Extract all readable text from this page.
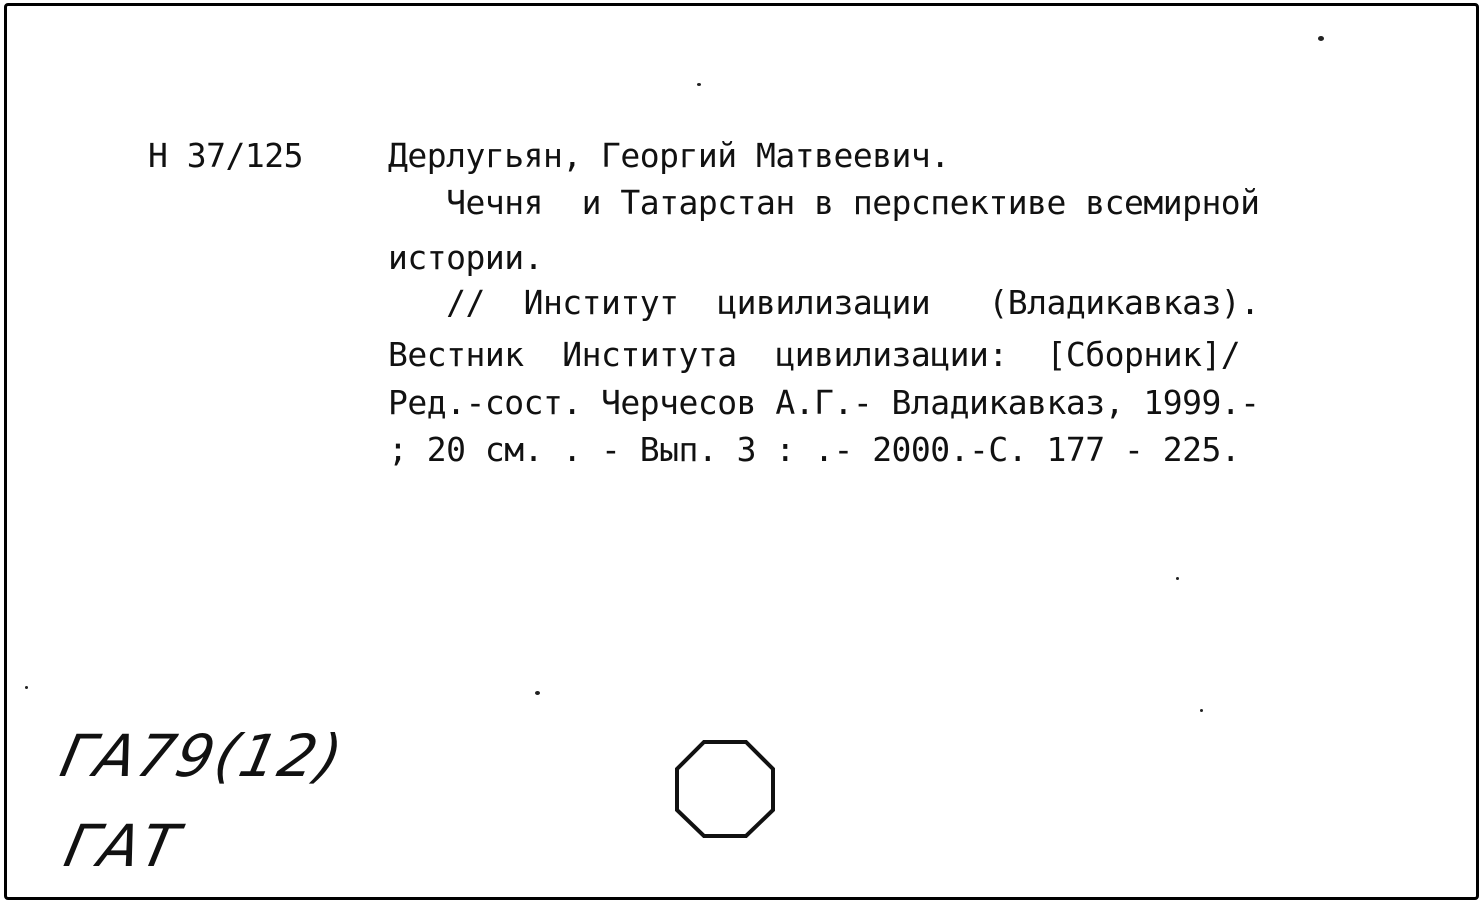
Н 37/125	Дерлугьян, Георгий Матвеевич.
Чечня  и Татарстан в перспективе всемирной
истории.
//  Институт  цивилизации   (Владикавказ).
Вестник  Института  цивилизации:  [Сборник]/
Ред.-сост. Черчесов А.Г.- Владикавказ, 1999.-
; 20 см. . - Вып. 3 : .- 2000.-С. 177 - 225.
ГА79(12)
ГАТ
